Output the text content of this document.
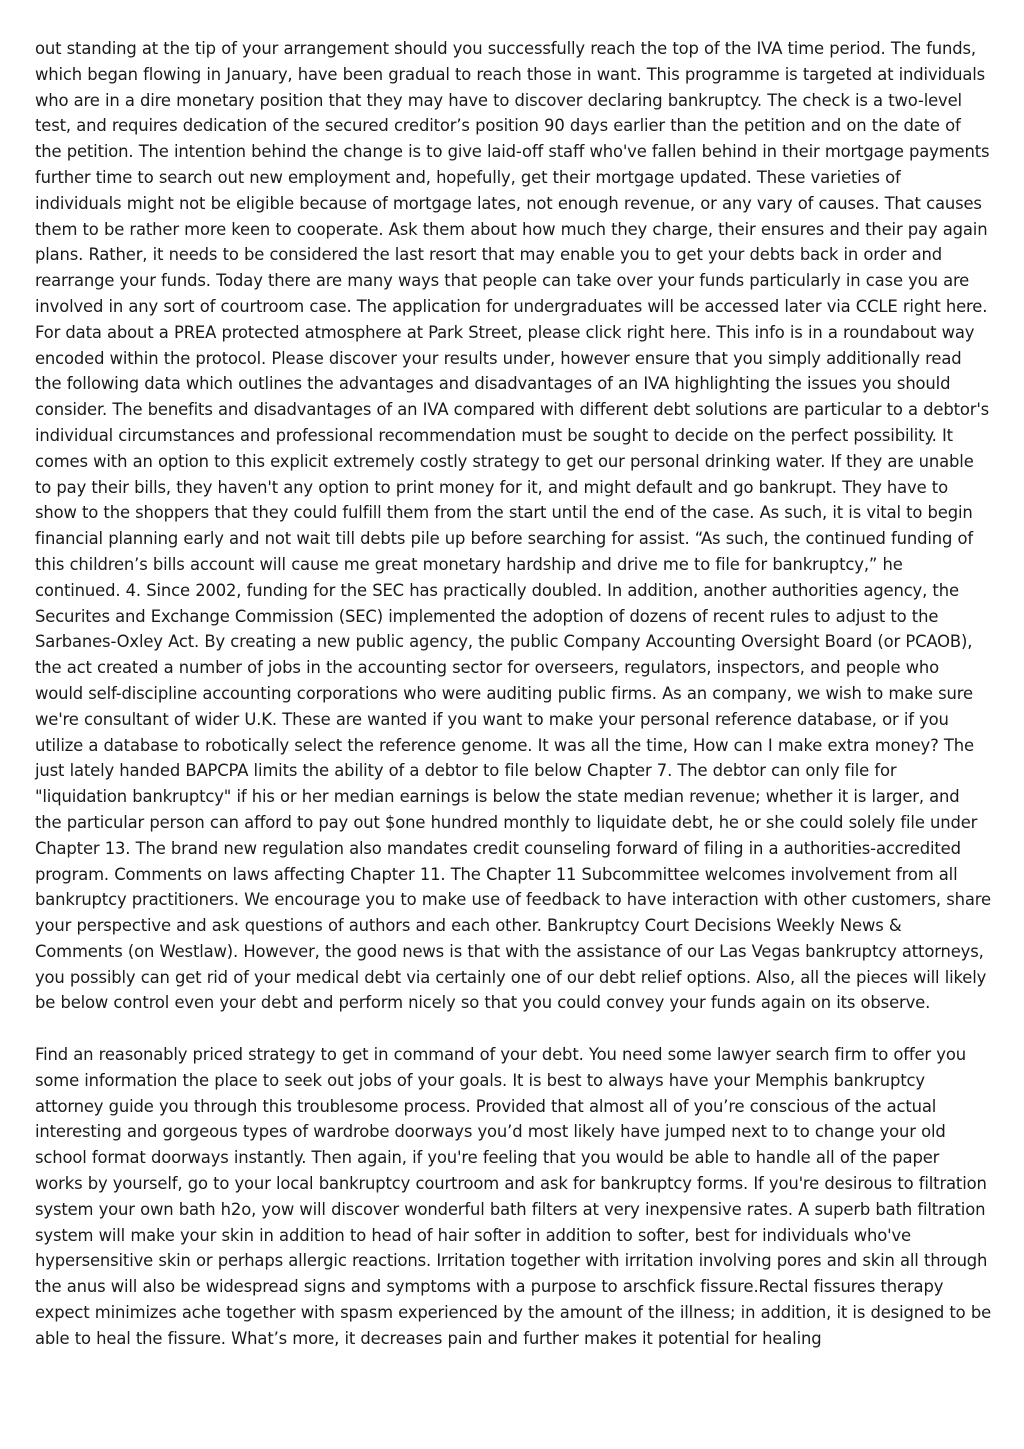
out standing at the tip of your arrangement should you successfully reach the top of the IVA time period. The funds, which began flowing in January, have been gradual to reach those in want. This programme is targeted at individuals who are in a dire monetary position that they may have to discover declaring bankruptcy. The check is a two-level test, and requires dedication of the secured creditor’s position 90 days earlier than the petition and on the date of the petition. The intention behind the change is to give laid-off staff who've fallen behind in their mortgage payments further time to search out new employment and, hopefully, get their mortgage updated. These varieties of individuals might not be eligible because of mortgage lates, not enough revenue, or any vary of causes. That causes them to be rather more keen to cooperate. Ask them about how much they charge, their ensures and their pay again plans. Rather, it needs to be considered the last resort that may enable you to get your debts back in order and rearrange your funds. Today there are many ways that people can take over your funds particularly in case you are involved in any sort of courtroom case. The application for undergraduates will be accessed later via CCLE right here. For data about a PREA protected atmosphere at Park Street, please click right here. This info is in a roundabout way encoded within the protocol. Please discover your results under, however ensure that you simply additionally read the following data which outlines the advantages and disadvantages of an IVA highlighting the issues you should consider. The benefits and disadvantages of an IVA compared with different debt solutions are particular to a debtor's individual circumstances and professional recommendation must be sought to decide on the perfect possibility. It comes with an option to this explicit extremely costly strategy to get our personal drinking water. If they are unable to pay their bills, they haven't any option to print money for it, and might default and go bankrupt. They have to show to the shoppers that they could fulfill them from the start until the end of the case. As such, it is vital to begin financial planning early and not wait till debts pile up before searching for assist. “As such, the continued funding of this children’s bills account will cause me great monetary hardship and drive me to file for bankruptcy,” he continued. 4. Since 2002, funding for the SEC has practically doubled. In addition, another authorities agency, the Securites and Exchange Commission (SEC) implemented the adoption of dozens of recent rules to adjust to the Sarbanes-Oxley Act. By creating a new public agency, the public Company Accounting Oversight Board (or PCAOB), the act created a number of jobs in the accounting sector for overseers, regulators, inspectors, and people who would self-discipline accounting corporations who were auditing public firms. As an company, we wish to make sure we're consultant of wider U.K. These are wanted if you want to make your personal reference database, or if you utilize a database to robotically select the reference genome. It was all the time, How can I make extra money? The just lately handed BAPCPA limits the ability of a debtor to file below Chapter 7. The debtor can only file for "liquidation bankruptcy" if his or her median earnings is below the state median revenue; whether it is larger, and the particular person can afford to pay out $one hundred monthly to liquidate debt, he or she could solely file under Chapter 13. The brand new regulation also mandates credit counseling forward of filing in a authorities-accredited program. Comments on laws affecting Chapter 11. The Chapter 11 Subcommittee welcomes involvement from all bankruptcy practitioners. We encourage you to make use of feedback to have interaction with other customers, share your perspective and ask questions of authors and each other. Bankruptcy Court Decisions Weekly News & Comments (on Westlaw). However, the good news is that with the assistance of our Las Vegas bankruptcy attorneys, you possibly can get rid of your medical debt via certainly one of our debt relief options. Also, all the pieces will likely be below control even your debt and perform nicely so that you could convey your funds again on its observe.

Find an reasonably priced strategy to get in command of your debt. You need some lawyer search firm to offer you some information the place to seek out jobs of your goals. It is best to always have your Memphis bankruptcy attorney guide you through this troublesome process. Provided that almost all of you’re conscious of the actual interesting and gorgeous types of wardrobe doorways you’d most likely have jumped next to to change your old school format doorways instantly. Then again, if you're feeling that you would be able to handle all of the paper works by yourself, go to your local bankruptcy courtroom and ask for bankruptcy forms. If you're desirous to filtration system your own bath h2o, yow will discover wonderful bath filters at very inexpensive rates. A superb bath filtration system will make your skin in addition to head of hair softer in addition to softer, best for individuals who've hypersensitive skin or perhaps allergic reactions. Irritation together with irritation involving pores and skin all through the anus will also be widespread signs and symptoms with a purpose to arschfick fissure.Rectal fissures therapy expect minimizes ache together with spasm experienced by the amount of the illness; in addition, it is designed to be able to heal the fissure. What’s more, it decreases pain and further makes it potential for healing
